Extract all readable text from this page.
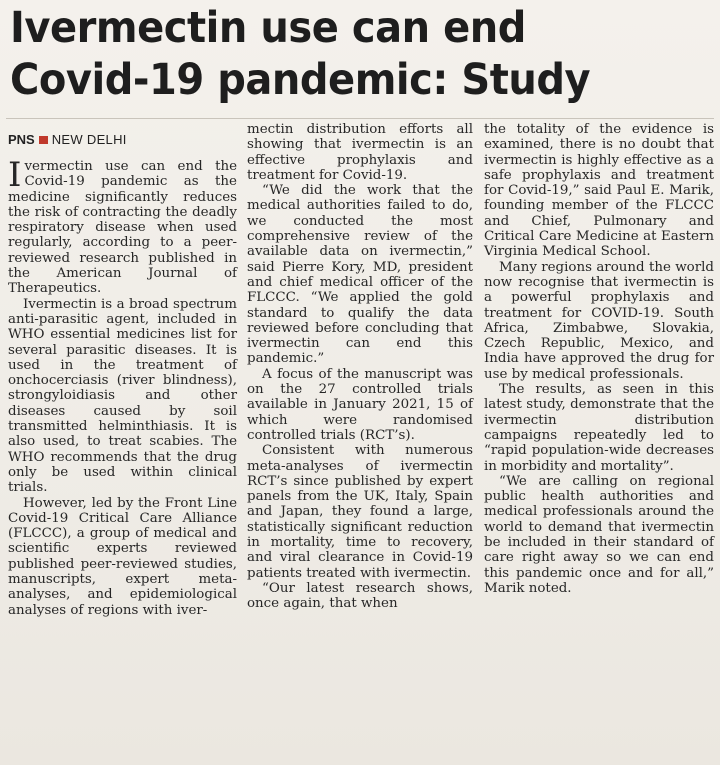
Ivermectin use can end
Covid-19 pandemic: Study
PNS NEW DELHI

Ivermectin use can end the Covid-19 pandemic as the medicine significantly reduces the risk of contracting the deadly respiratory disease when used regularly, according to a peer-reviewed research published in the American Journal of Therapeutics.

Ivermectin is a broad spectrum anti-parasitic agent, included in WHO essential medicines list for several parasitic diseases. It is used in the treatment of onchocerciasis (river blindness), strongyloidiasis and other diseases caused by soil transmitted helminthiasis. It is also used, to treat scabies. The WHO recommends that the drug only be used within clinical trials.

However, led by the Front Line Covid-19 Critical Care Alliance (FLCCC), a group of medical and scientific experts reviewed published peer-reviewed studies, manuscripts, expert meta-analyses, and epidemiological analyses of regions with iver-

mectin distribution efforts all showing that ivermectin is an effective prophylaxis and treatment for Covid-19.

“We did the work that the medical authorities failed to do, we conducted the most comprehensive review of the available data on ivermectin,” said Pierre Kory, MD, president and chief medical officer of the FLCCC. “We applied the gold standard to qualify the data reviewed before concluding that ivermectin can end this pandemic.”

A focus of the manuscript was on the 27 controlled trials available in January 2021, 15 of which were randomised controlled trials (RCT’s).

Consistent with numerous meta-analyses of ivermectin RCT’s since published by expert panels from the UK, Italy, Spain and Japan, they found a large, statistically significant reduction in mortality, time to recovery, and viral clearance in Covid-19 patients treated with ivermectin.

“Our latest research shows, once again, that when

the totality of the evidence is examined, there is no doubt that ivermectin is highly effective as a safe prophylaxis and treatment for Covid-19,” said Paul E. Marik, founding member of the FLCCC and Chief, Pulmonary and Critical Care Medicine at Eastern Virginia Medical School.

Many regions around the world now recognise that ivermectin is a powerful prophylaxis and treatment for COVID-19. South Africa, Zimbabwe, Slovakia, Czech Republic, Mexico, and India have approved the drug for use by medical professionals.

The results, as seen in this latest study, demonstrate that the ivermectin distribution campaigns repeatedly led to “rapid population-wide decreases in morbidity and mortality”.

“We are calling on regional public health authorities and medical professionals around the world to demand that ivermectin be included in their standard of care right away so we can end this pandemic once and for all,” Marik noted.
